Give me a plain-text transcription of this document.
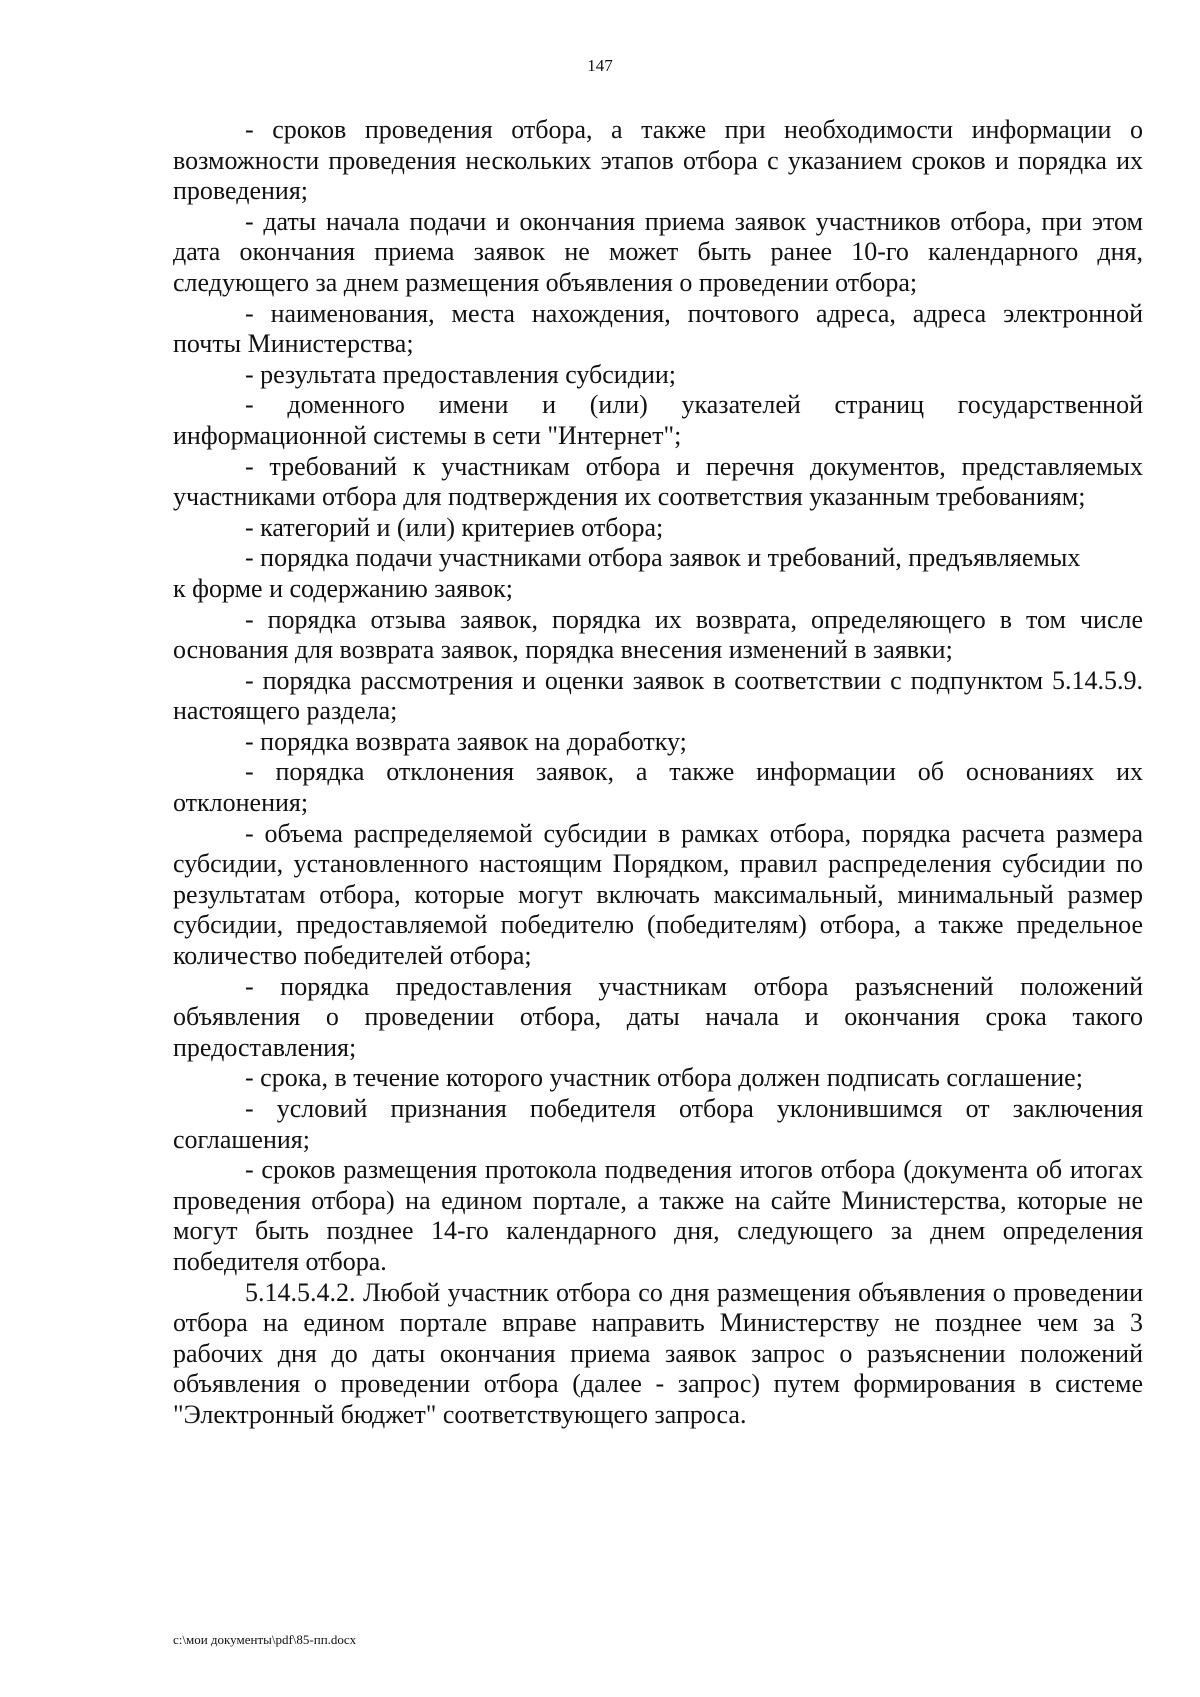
147

- сроков проведения отбора, а также при необходимости информации о возможности проведения нескольких этапов отбора с указанием сроков и порядка их проведения;

- даты начала подачи и окончания приема заявок участников отбора, при этом дата окончания приема заявок не может быть ранее 10-го календарного дня, следующего за днем размещения объявления о проведении отбора;

- наименования, места нахождения, почтового адреса, адреса электронной почты Министерства;

- результата предоставления субсидии;

- доменного имени и (или) указателей страниц государственной информационной системы в сети "Интернет";

- требований к участникам отбора и перечня документов, представляемых участниками отбора для подтверждения их соответствия указанным требованиям;

- категорий и (или) критериев отбора;

- порядка подачи участниками отбора заявок и требований, предъявляемых

к форме и содержанию заявок;

- порядка отзыва заявок, порядка их возврата, определяющего в том числе основания для возврата заявок, порядка внесения изменений в заявки;

- порядка рассмотрения и оценки заявок в соответствии с подпунктом 5.14.5.9. настоящего раздела;

- порядка возврата заявок на доработку;

- порядка отклонения заявок, а также информации об основаниях их отклонения;

- объема распределяемой субсидии в рамках отбора, порядка расчета размера субсидии, установленного настоящим Порядком, правил распределения субсидии по результатам отбора, которые могут включать максимальный, минимальный размер субсидии, предоставляемой победителю (победителям) отбора, а также предельное количество победителей отбора;

- порядка предоставления участникам отбора разъяснений положений объявления о проведении отбора, даты начала и окончания срока такого предоставления;

- срока, в течение которого участник отбора должен подписать соглашение;

- условий признания победителя отбора уклонившимся от заключения соглашения;

- сроков размещения протокола подведения итогов отбора (документа об итогах проведения отбора) на едином портале, а также на сайте Министерства, которые не могут быть позднее 14-го календарного дня, следующего за днем определения победителя отбора.

5.14.5.4.2. Любой участник отбора со дня размещения объявления о проведении отбора на едином портале вправе направить Министерству не позднее чем за 3 рабочих дня до даты окончания приема заявок запрос о разъяснении положений объявления о проведении отбора (далее - запрос) путем формирования в системе "Электронный бюджет" соответствующего запроса.

c:\мои документы\pdf\85-пп.docx
